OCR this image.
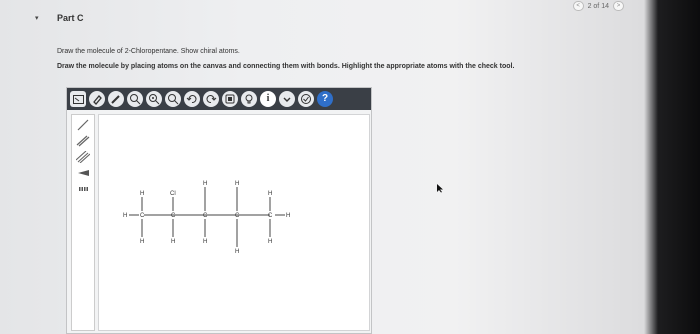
<	2 of 14	>
▾ Part C
Draw the molecule of 2-Chloropentane. Show chiral atoms.
Draw the molecule by placing atoms on the canvas and connecting them with bonds. Highlight the appropriate atoms with the check tool.
i	?
C	C	C	C	C
H	H
H	Cl
H	H
H
H	H	H
H
H
